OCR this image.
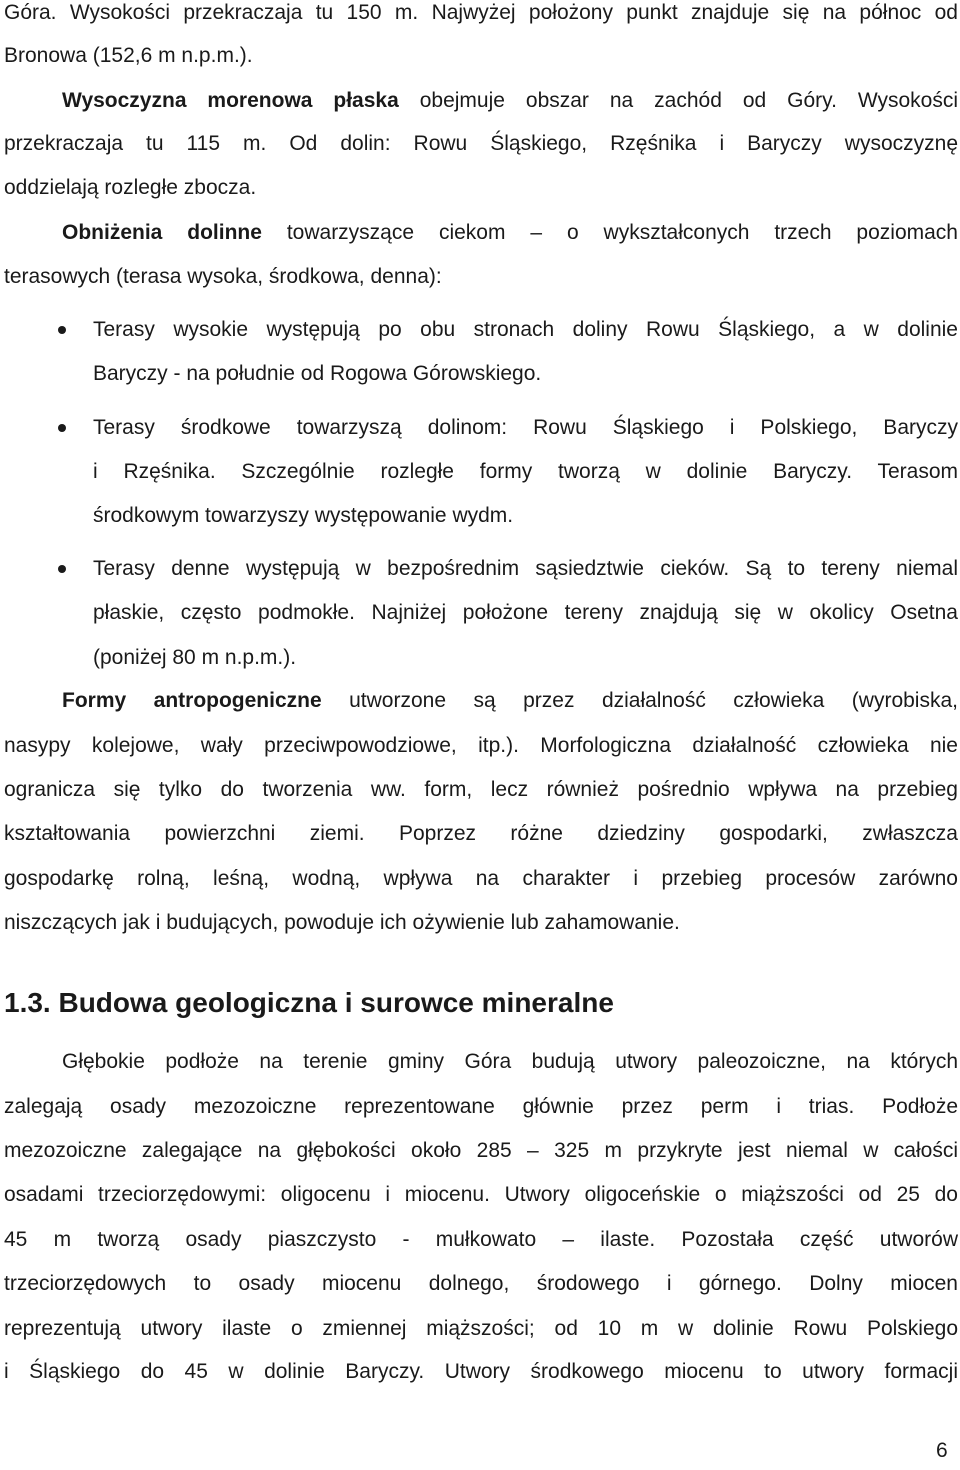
Góra. Wysokości przekraczaja tu 150 m. Najwyżej położony punkt znajduje się na północ od
Bronowa (152,6 m n.p.m.).
Wysoczyzna morenowa płaska obejmuje obszar na zachód od Góry. Wysokości
przekraczaja tu 115 m. Od dolin: Rowu Śląskiego, Rzęśnika i Baryczy wysoczyznę
oddzielają rozległe zbocza.
Obniżenia dolinne towarzyszące ciekom – o wykształconych trzech poziomach
terasowych (terasa wysoka, środkowa, denna):
Terasy wysokie występują po obu stronach doliny Rowu Śląskiego, a w dolinie
Baryczy - na południe od Rogowa Górowskiego.
Terasy środkowe towarzyszą dolinom: Rowu Śląskiego i Polskiego, Baryczy
i Rzęśnika. Szczególnie rozległe formy tworzą w dolinie Baryczy. Terasom
środkowym towarzyszy występowanie wydm.
Terasy denne występują w bezpośrednim sąsiedztwie cieków. Są to tereny niemal
płaskie, często podmokłe. Najniżej położone tereny znajdują się w okolicy Osetna
(poniżej 80 m n.p.m.).
Formy antropogeniczne utworzone są przez działalność człowieka (wyrobiska,
nasypy kolejowe, wały przeciwpowodziowe, itp.). Morfologiczna działalność człowieka nie
ogranicza się tylko do tworzenia ww. form, lecz również pośrednio wpływa na przebieg
kształtowania powierzchni ziemi. Poprzez różne dziedziny gospodarki, zwłaszcza
gospodarkę rolną, leśną, wodną, wpływa na charakter i przebieg procesów zarówno
niszczących jak i budujących, powoduje ich ożywienie lub zahamowanie.
1.3. Budowa geologiczna i surowce mineralne
Głębokie podłoże na terenie gminy Góra budują utwory paleozoiczne, na których
zalegają osady mezozoiczne reprezentowane głównie przez perm i trias. Podłoże
mezozoiczne zalegające na głębokości około 285 – 325 m przykryte jest niemal w całości
osadami trzeciorzędowymi: oligocenu i miocenu. Utwory oligoceńskie o miąższości od 25 do
45 m tworzą osady piaszczysto - mułkowato – ilaste. Pozostała część utworów
trzeciorzędowych to osady miocenu dolnego, środowego i górnego. Dolny miocen
reprezentują utwory ilaste o zmiennej miąższości; od 10 m w dolinie Rowu Polskiego
i Śląskiego do 45 w dolinie Baryczy. Utwory środkowego miocenu to utwory formacji
6
